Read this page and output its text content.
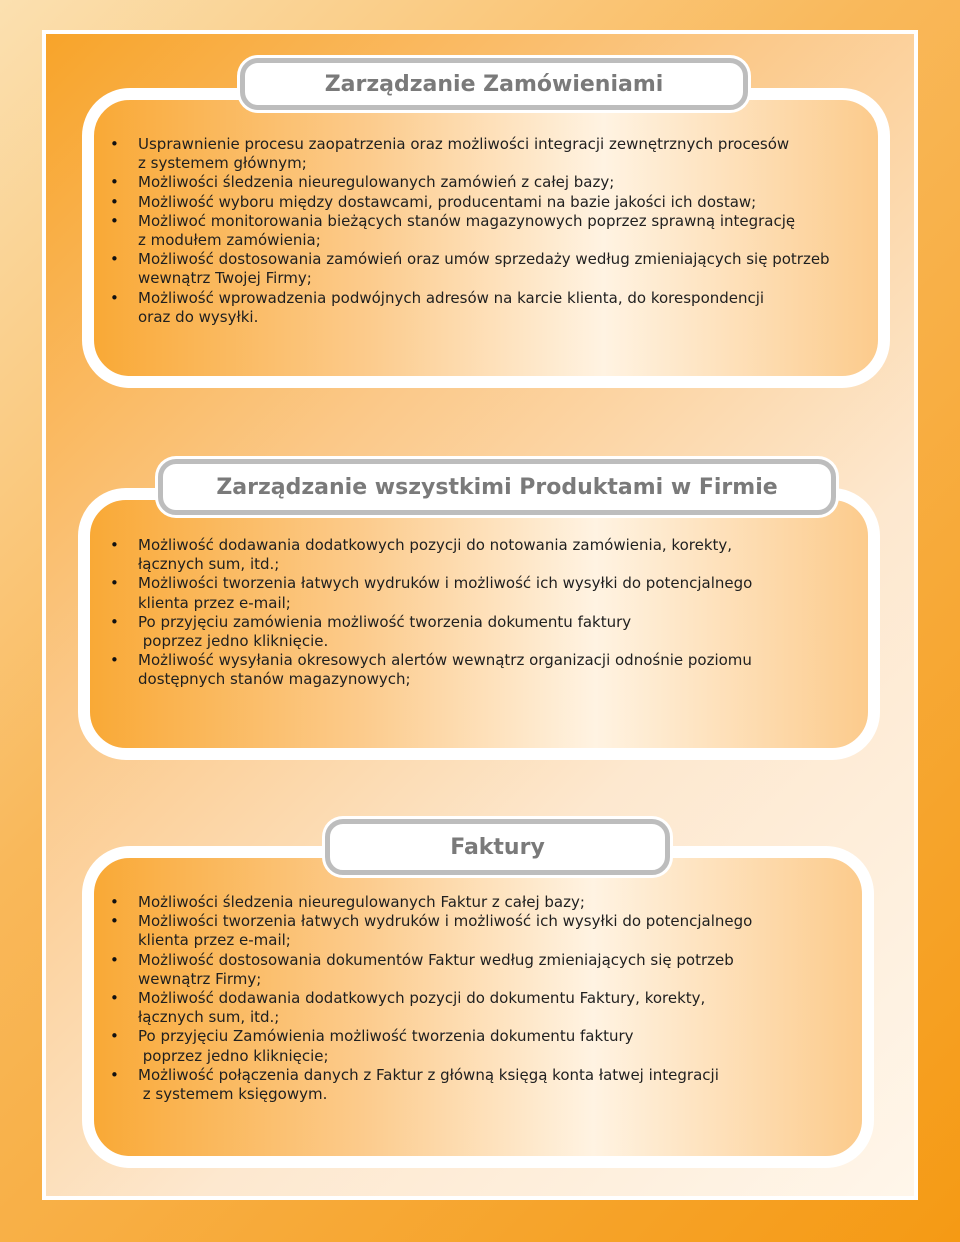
Zarządzanie Zamówieniami
• Usprawnienie procesu zaopatrzenia oraz możliwości integracji zewnętrznych procesów
z systemem głównym;
• Możliwości śledzenia nieuregulowanych zamówień z całej bazy;
• Możliwość wyboru między dostawcami, producentami na bazie jakości ich dostaw;
• Możliwoć monitorowania bieżących stanów magazynowych poprzez sprawną integrację
z modułem zamówienia;
• Możliwość dostosowania zamówień oraz umów sprzedaży według zmieniających się potrzeb
wewnątrz Twojej Firmy;
• Możliwość wprowadzenia podwójnych adresów na karcie klienta, do korespondencji
oraz do wysyłki.
Zarządzanie wszystkimi Produktami w Firmie
• Możliwość dodawania dodatkowych pozycji do notowania zamówienia, korekty,
łącznych sum, itd.;
• Możliwości tworzenia łatwych wydruków i możliwość ich wysyłki do potencjalnego
klienta przez e-mail;
• Po przyjęciu zamówienia możliwość tworzenia dokumentu faktury
poprzez jedno kliknięcie.
• Możliwość wysyłania okresowych alertów wewnątrz organizacji odnośnie poziomu
dostępnych stanów magazynowych;
Faktury
• Możliwości śledzenia nieuregulowanych Faktur z całej bazy;
• Możliwości tworzenia łatwych wydruków i możliwość ich wysyłki do potencjalnego
klienta przez e-mail;
• Możliwość dostosowania dokumentów Faktur według zmieniających się potrzeb
wewnątrz Firmy;
• Możliwość dodawania dodatkowych pozycji do dokumentu Faktury, korekty,
łącznych sum, itd.;
• Po przyjęciu Zamówienia możliwość tworzenia dokumentu faktury
poprzez jedno kliknięcie;
• Możliwość połączenia danych z Faktur z główną księgą konta łatwej integracji
z systemem księgowym.
